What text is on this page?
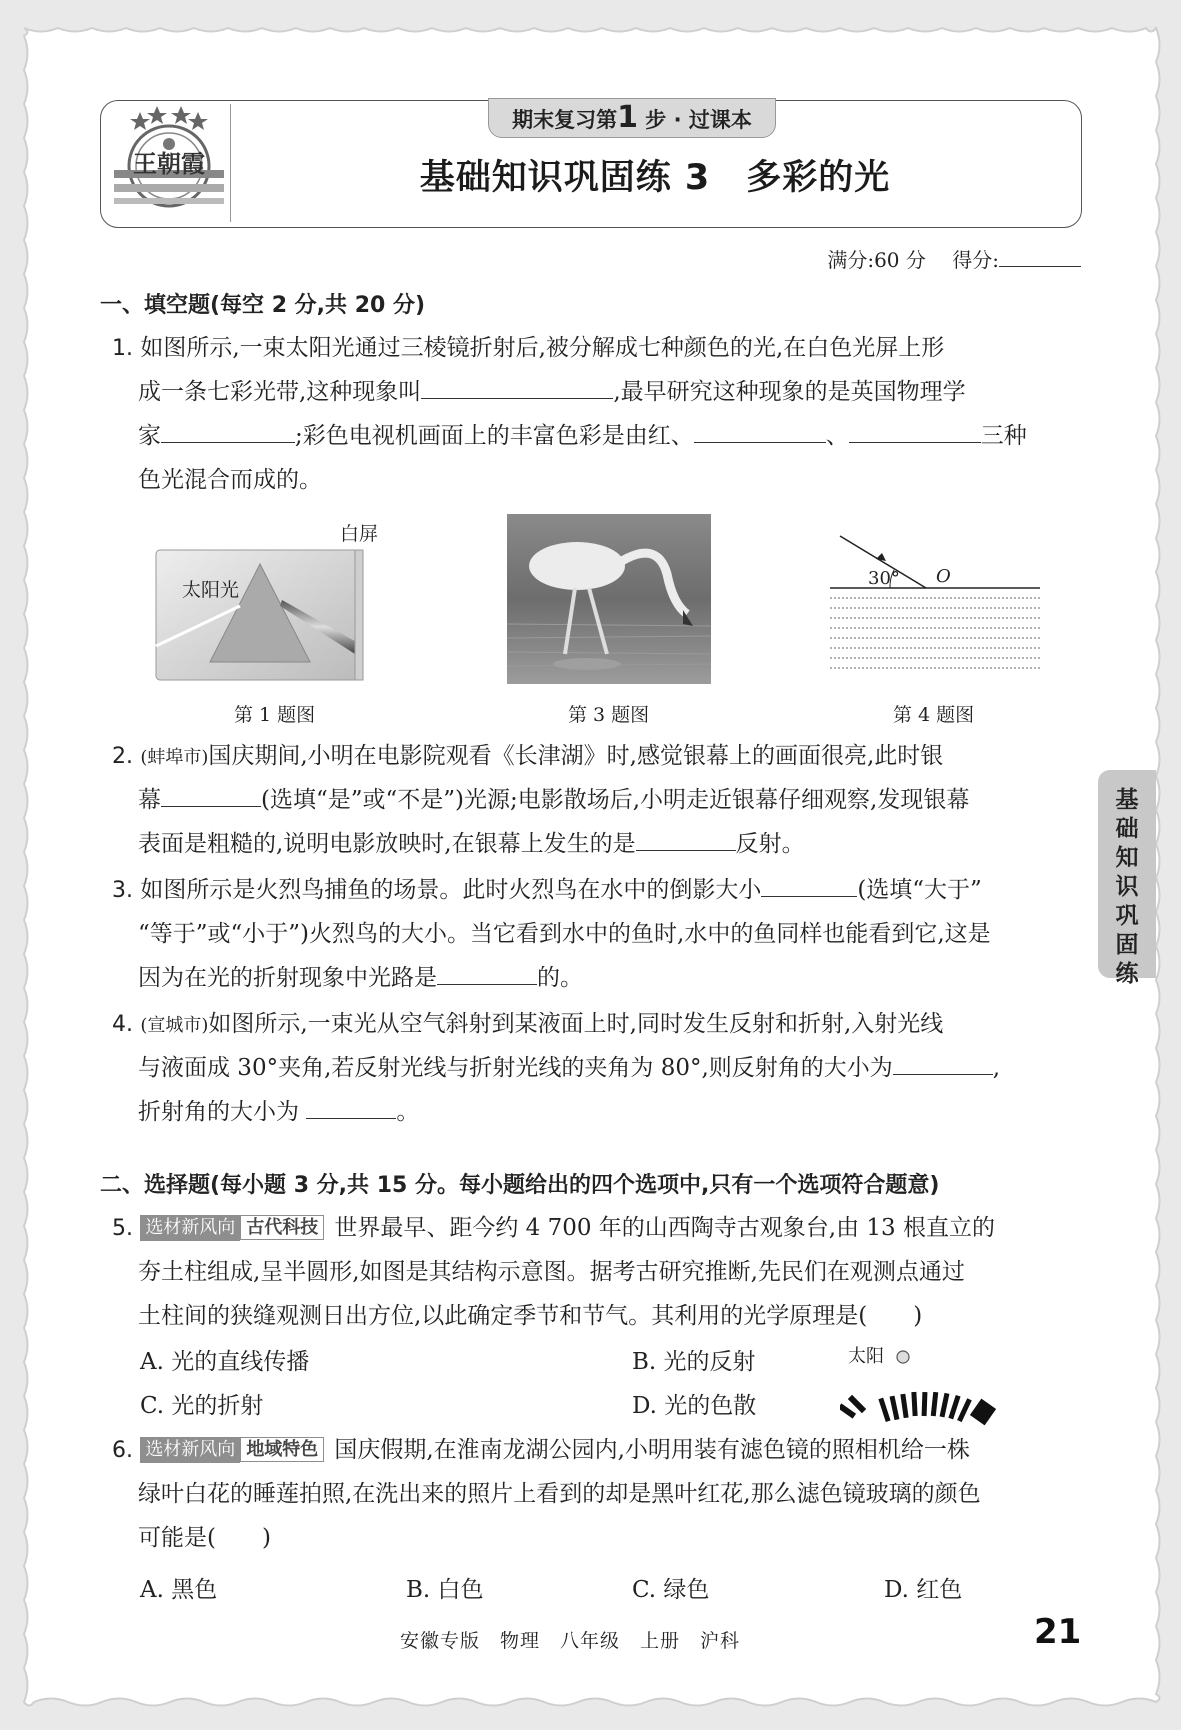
王朝霞
期末复习第1 步 · 过课本
基础知识巩固练 3　多彩的光
满分:60 分　 得分:
一、填空题(每空 2 分,共 20 分)
1. 如图所示,一束太阳光通过三棱镜折射后,被分解成七种颜色的光,在白色光屏上形
成一条七彩光带,这种现象叫	,最早研究这种现象的是英国物理学
家	;彩色电视机画面上的丰富色彩是由红、	、	三种
色光混合而成的。
太阳光
白屏
第 1 题图	第 3 题图
30° O
第 4 题图
2. (蚌埠市)国庆期间,小明在电影院观看《长津湖》时,感觉银幕上的画面很亮,此时银
幕	(选填“是”或“不是”)光源;电影散场后,小明走近银幕仔细观察,发现银幕
表面是粗糙的,说明电影放映时,在银幕上发生的是	反射。
3. 如图所示是火烈鸟捕鱼的场景。此时火烈鸟在水中的倒影大小	(选填“大于”
“等于”或“小于”)火烈鸟的大小。当它看到水中的鱼时,水中的鱼同样也能看到它,这是
因为在光的折射现象中光路是	的。
4. (宣城市)如图所示,一束光从空气斜射到某液面上时,同时发生反射和折射,入射光线
与液面成 30°夹角,若反射光线与折射光线的夹角为 80°,则反射角的大小为	,
折射角的大小为	。
二、选择题(每小题 3 分,共 15 分。每小题给出的四个选项中,只有一个选项符合题意)
5. 选材新风向 古代科技 世界最早、距今约 4 700 年的山西陶寺古观象台,由 13 根直立的
夯土柱组成,呈半圆形,如图是其结构示意图。据考古研究推断,先民们在观测点通过
土柱间的狭缝观测日出方位,以此确定季节和节气。其利用的光学原理是(　　)
A. 光的直线传播	B. 光的反射
C. 光的折射	D. 光的色散
太阳
6. 选材新风向 地域特色 国庆假期,在淮南龙湖公园内,小明用装有滤色镜的照相机给一株
绿叶白花的睡莲拍照,在洗出来的照片上看到的却是黑叶红花,那么滤色镜玻璃的颜色
可能是(　　)
A. 黑色	B. 白色	C. 绿色	D. 红色
基
础
知
识
巩
固
练
安徽专版　物理　八年级　上册　沪科	21
